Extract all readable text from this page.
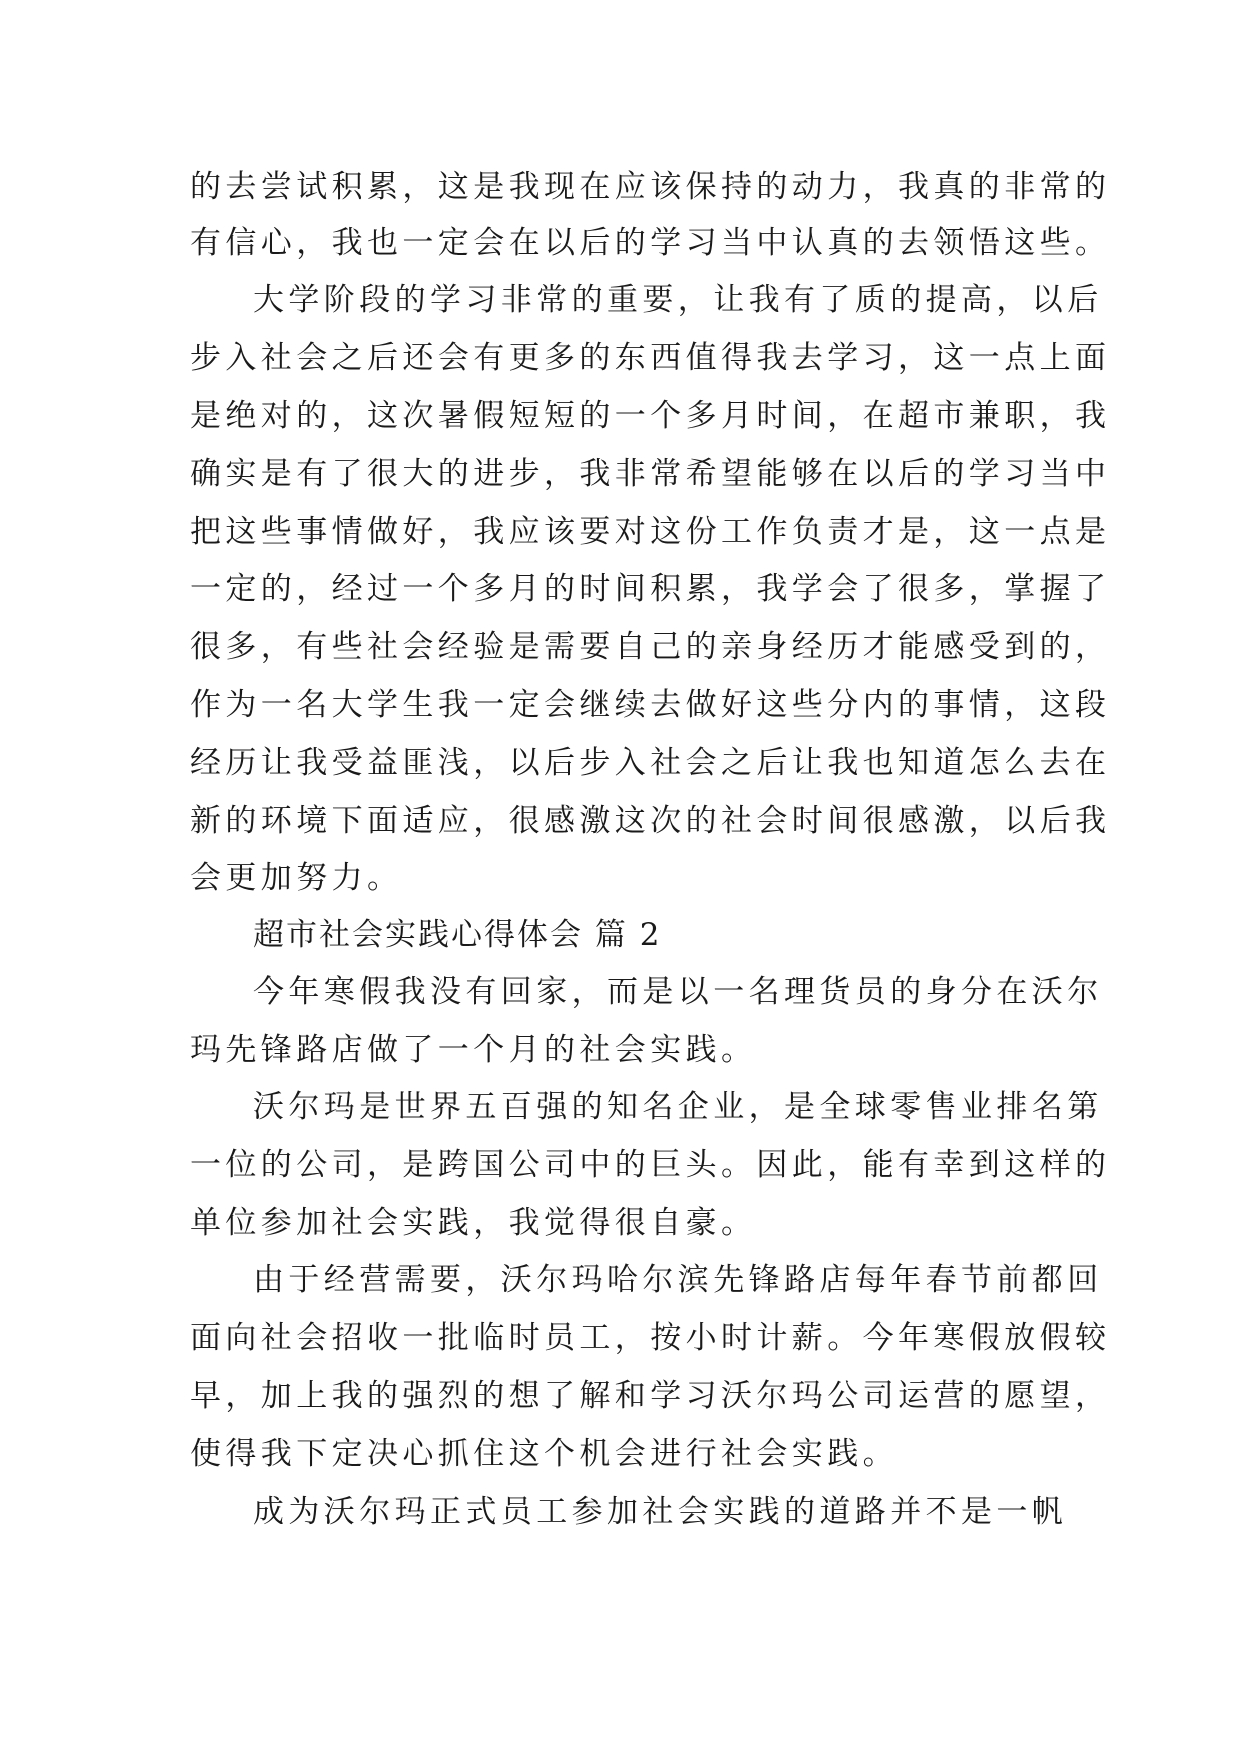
的去尝试积累，这是我现在应该保持的动力，我真的非常的
有信心，我也一定会在以后的学习当中认真的去领悟这些。
大学阶段的学习非常的重要，让我有了质的提高，以后
步入社会之后还会有更多的东西值得我去学习，这一点上面
是绝对的，这次暑假短短的一个多月时间，在超市兼职，我
确实是有了很大的进步，我非常希望能够在以后的学习当中
把这些事情做好，我应该要对这份工作负责才是，这一点是
一定的，经过一个多月的时间积累，我学会了很多，掌握了
很多，有些社会经验是需要自己的亲身经历才能感受到的，
作为一名大学生我一定会继续去做好这些分内的事情，这段
经历让我受益匪浅，以后步入社会之后让我也知道怎么去在
新的环境下面适应，很感激这次的社会时间很感激，以后我
会更加努力。
超市社会实践心得体会 篇 2
今年寒假我没有回家，而是以一名理货员的身分在沃尔
玛先锋路店做了一个月的社会实践。
沃尔玛是世界五百强的知名企业，是全球零售业排名第
一位的公司，是跨国公司中的巨头。因此，能有幸到这样的
单位参加社会实践，我觉得很自豪。
由于经营需要，沃尔玛哈尔滨先锋路店每年春节前都回
面向社会招收一批临时员工，按小时计薪。今年寒假放假较
早，加上我的强烈的想了解和学习沃尔玛公司运营的愿望，
使得我下定决心抓住这个机会进行社会实践。
成为沃尔玛正式员工参加社会实践的道路并不是一帆
